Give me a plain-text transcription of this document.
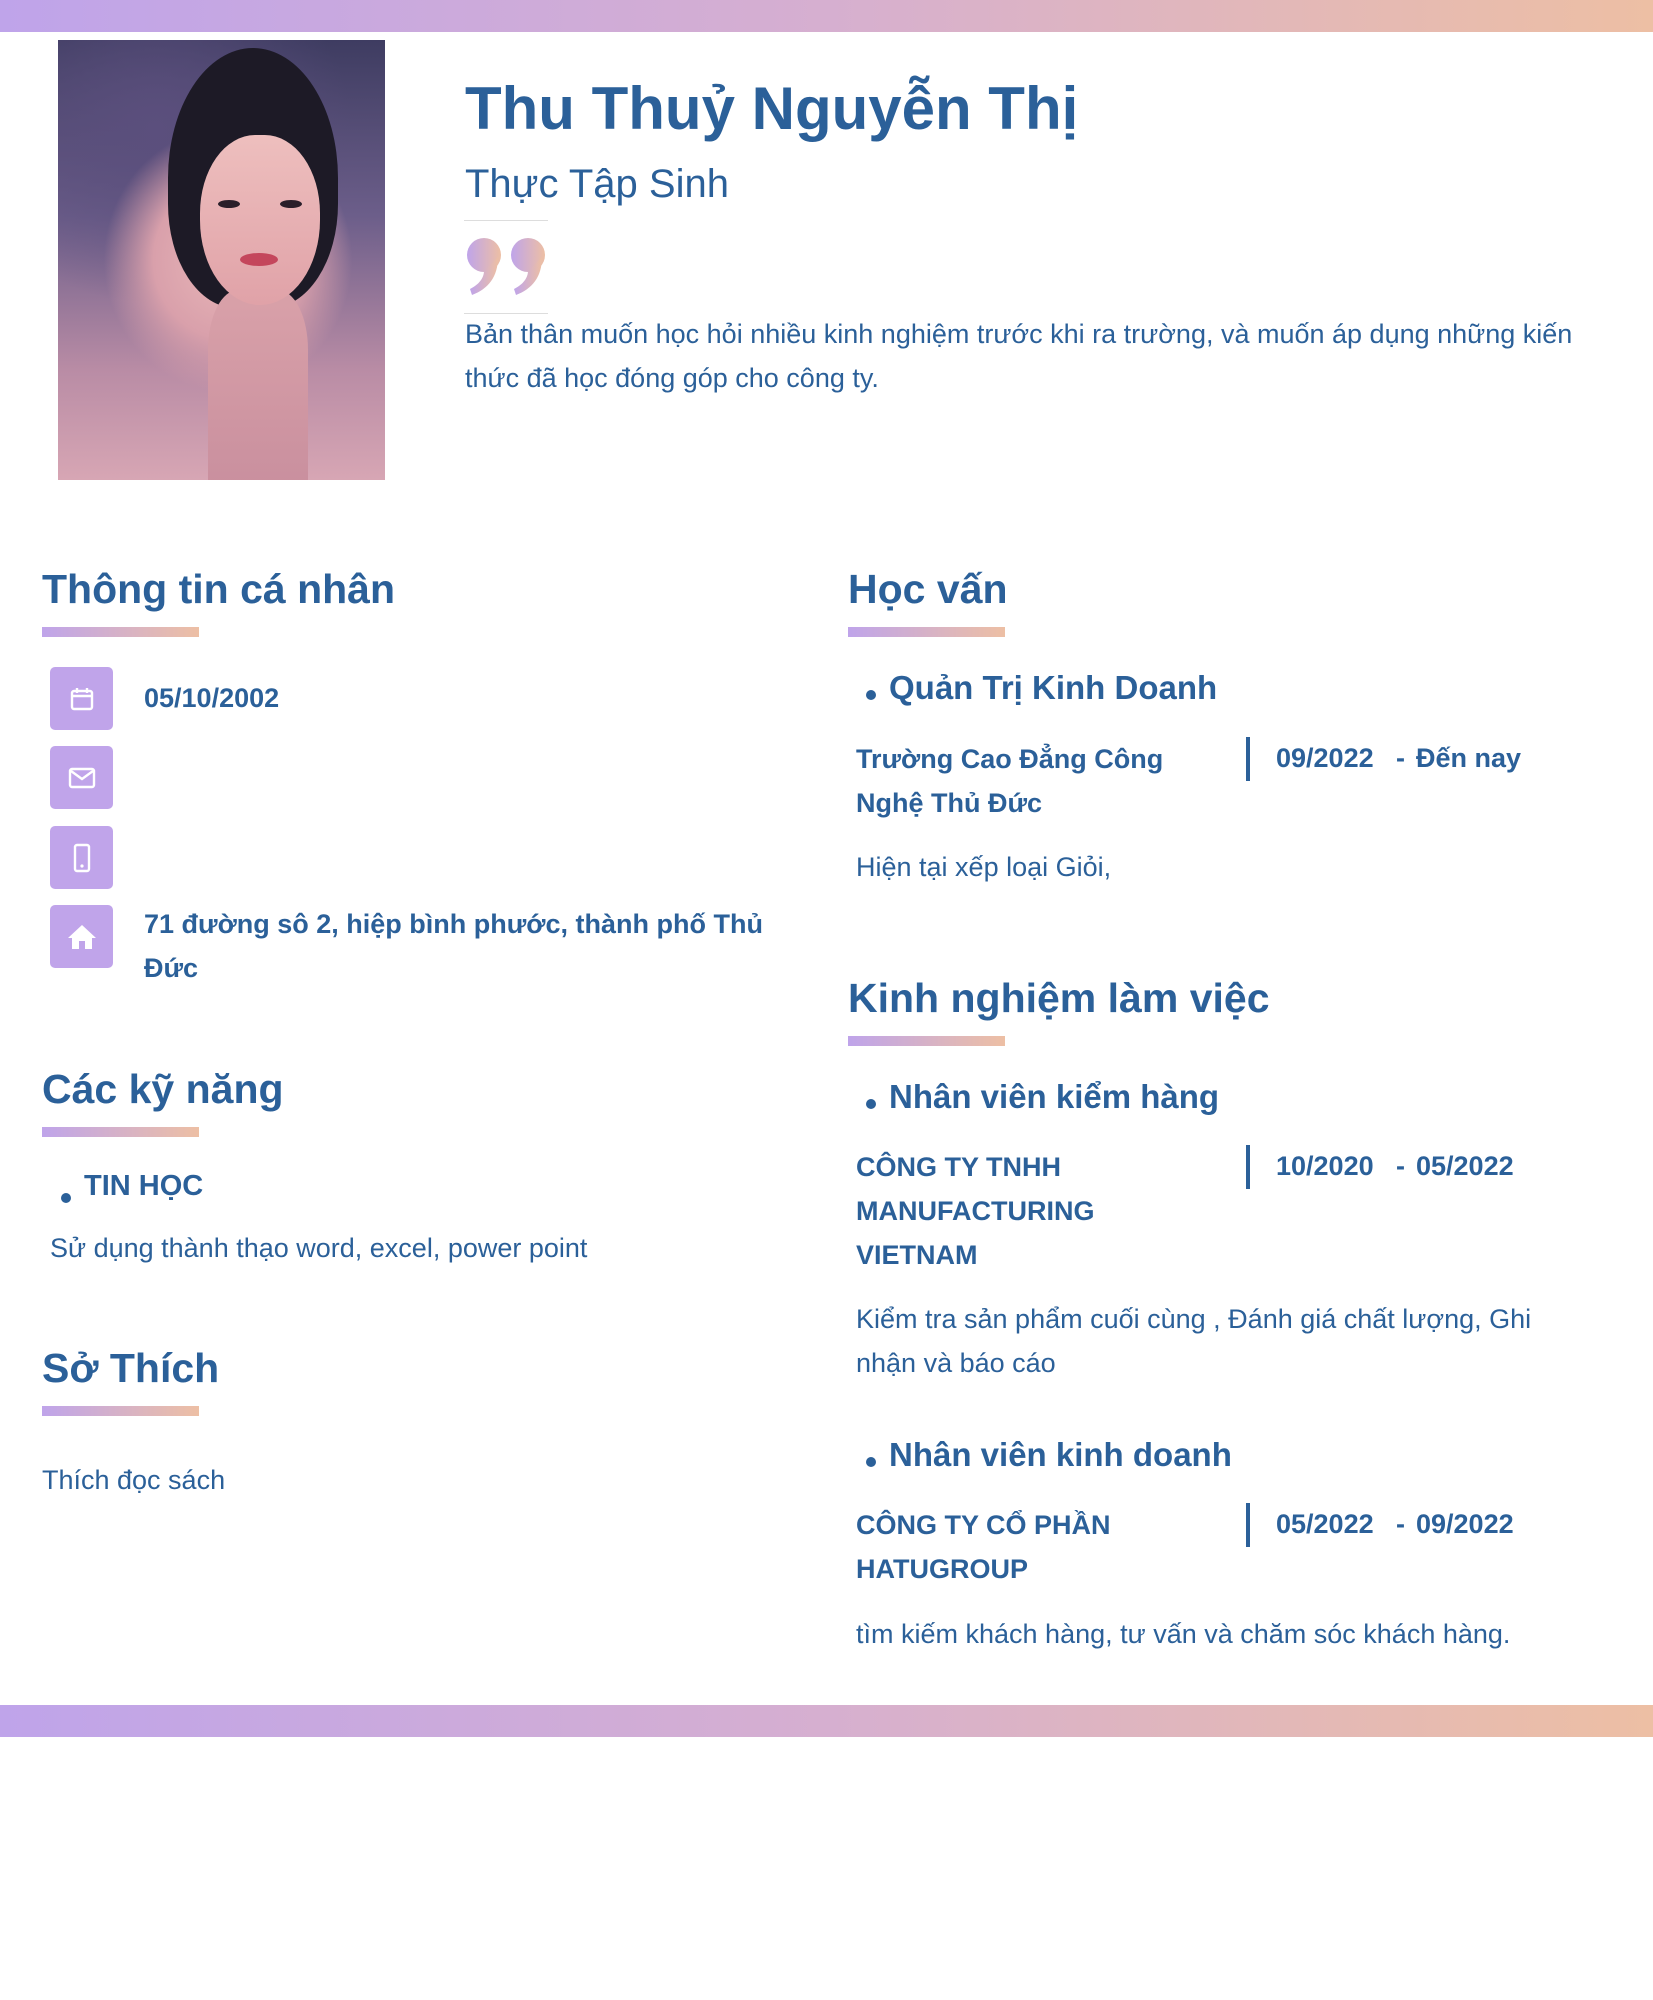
Thu Thuỷ Nguyễn Thị
Thực Tập Sinh
Bản thân muốn học hỏi nhiều kinh nghiệm trước khi ra trường, và muốn áp dụng những kiến thức đã học đóng góp cho công ty.
Thông tin cá nhân
05/10/2002
71 đường sô 2, hiệp bình phước, thành phố Thủ Đức
Các kỹ năng
TIN HỌC
Sử dụng thành thạo word, excel, power point
Sở Thích
Thích đọc sách
Học vấn
Quản Trị Kinh Doanh
Trường Cao Đẳng Công Nghệ Thủ Đức
09/2022 - Đến nay
Hiện tại xếp loại Giỏi,
Kinh nghiệm làm việc
Nhân viên kiểm hàng
CÔNG TY TNHH MANUFACTURING VIETNAM
10/2020 - 05/2022
Kiểm tra sản phẩm cuối cùng , Đánh giá chất lượng, Ghi nhận và báo cáo
Nhân viên kinh doanh
CÔNG TY CỔ PHẦN HATUGROUP
05/2022 - 09/2022
tìm kiếm khách hàng, tư vấn và chăm sóc khách hàng.
